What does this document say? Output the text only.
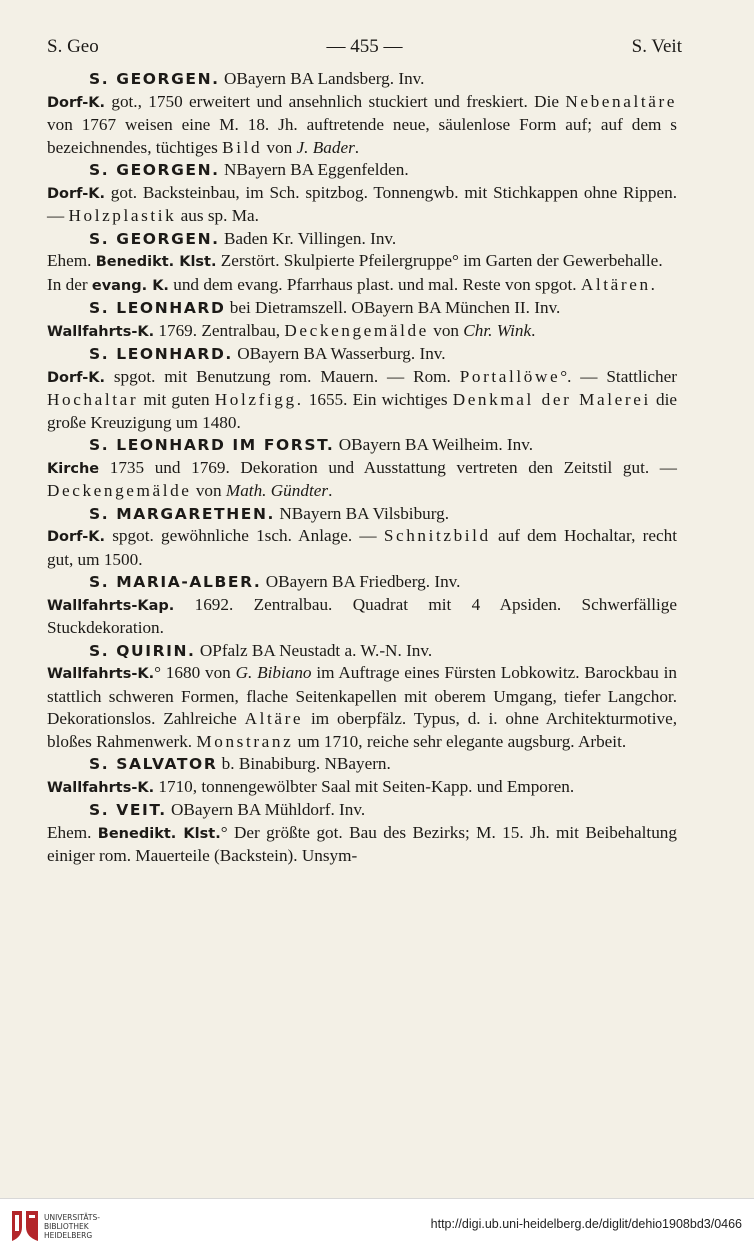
S. Geo	— 455 —	S. Veit

S. GEORGEN. OBayern BA Landsberg. Inv.

Dorf-K. got., 1750 erweitert und ansehnlich stuckiert und freskiert. Die Nebenaltäre von 1767 weisen eine M. 18. Jh. auftretende neue, säulenlose Form auf; auf dem s bezeichnendes, tüchtiges Bild von J. Bader.

S. GEORGEN. NBayern BA Eggenfelden.

Dorf-K. got. Backsteinbau, im Sch. spitzbog. Tonnengwb. mit Stichkappen ohne Rippen. — Holzplastik aus sp. Ma.

S. GEORGEN. Baden Kr. Villingen. Inv.

Ehem. Benedikt. Klst. Zerstört. Skulpierte Pfeilergruppe° im Garten der Gewerbehalle.

In der evang. K. und dem evang. Pfarrhaus plast. und mal. Reste von spgot. Altären.

S. LEONHARD bei Dietramszell. OBayern BA München II. Inv.

Wallfahrts-K. 1769. Zentralbau, Deckengemälde von Chr. Wink.

S. LEONHARD. OBayern BA Wasserburg. Inv.

Dorf-K. spgot. mit Benutzung rom. Mauern. — Rom. Portallöwe°. — Stattlicher Hochaltar mit guten Holzfigg. 1655. Ein wichtiges Denkmal der Malerei die große Kreuzigung um 1480.

S. LEONHARD IM FORST. OBayern BA Weilheim. Inv.

Kirche 1735 und 1769. Dekoration und Ausstattung vertreten den Zeitstil gut. — Deckengemälde von Math. Gündter.

S. MARGARETHEN. NBayern BA Vilsbiburg.

Dorf-K. spgot. gewöhnliche 1sch. Anlage. — Schnitzbild auf dem Hochaltar, recht gut, um 1500.

S. MARIA-ALBER. OBayern BA Friedberg. Inv.

Wallfahrts-Kap. 1692. Zentralbau. Quadrat mit 4 Apsiden. Schwerfällige Stuckdekoration.

S. QUIRIN. OPfalz BA Neustadt a. W.-N. Inv.

Wallfahrts-K.° 1680 von G. Bibiano im Auftrage eines Fürsten Lobkowitz. Barockbau in stattlich schweren Formen, flache Seitenkapellen mit oberem Umgang, tiefer Langchor. Dekorationslos. Zahlreiche Altäre im oberpfälz. Typus, d. i. ohne Architekturmotive, bloßes Rahmenwerk. Monstranz um 1710, reiche sehr elegante augsburg. Arbeit.

S. SALVATOR b. Binabiburg. NBayern.

Wallfahrts-K. 1710, tonnengewölbter Saal mit Seiten-Kapp. und Emporen.

S. VEIT. OBayern BA Mühldorf. Inv.

Ehem. Benedikt. Klst.° Der größte got. Bau des Bezirks; M. 15. Jh. mit Beibehaltung einiger rom. Mauerteile (Backstein). Unsym-

UNIVERSITÄTS-
BIBLIOTHEK
HEIDELBERG
http://digi.ub.uni-heidelberg.de/diglit/dehio1908bd3/0466
